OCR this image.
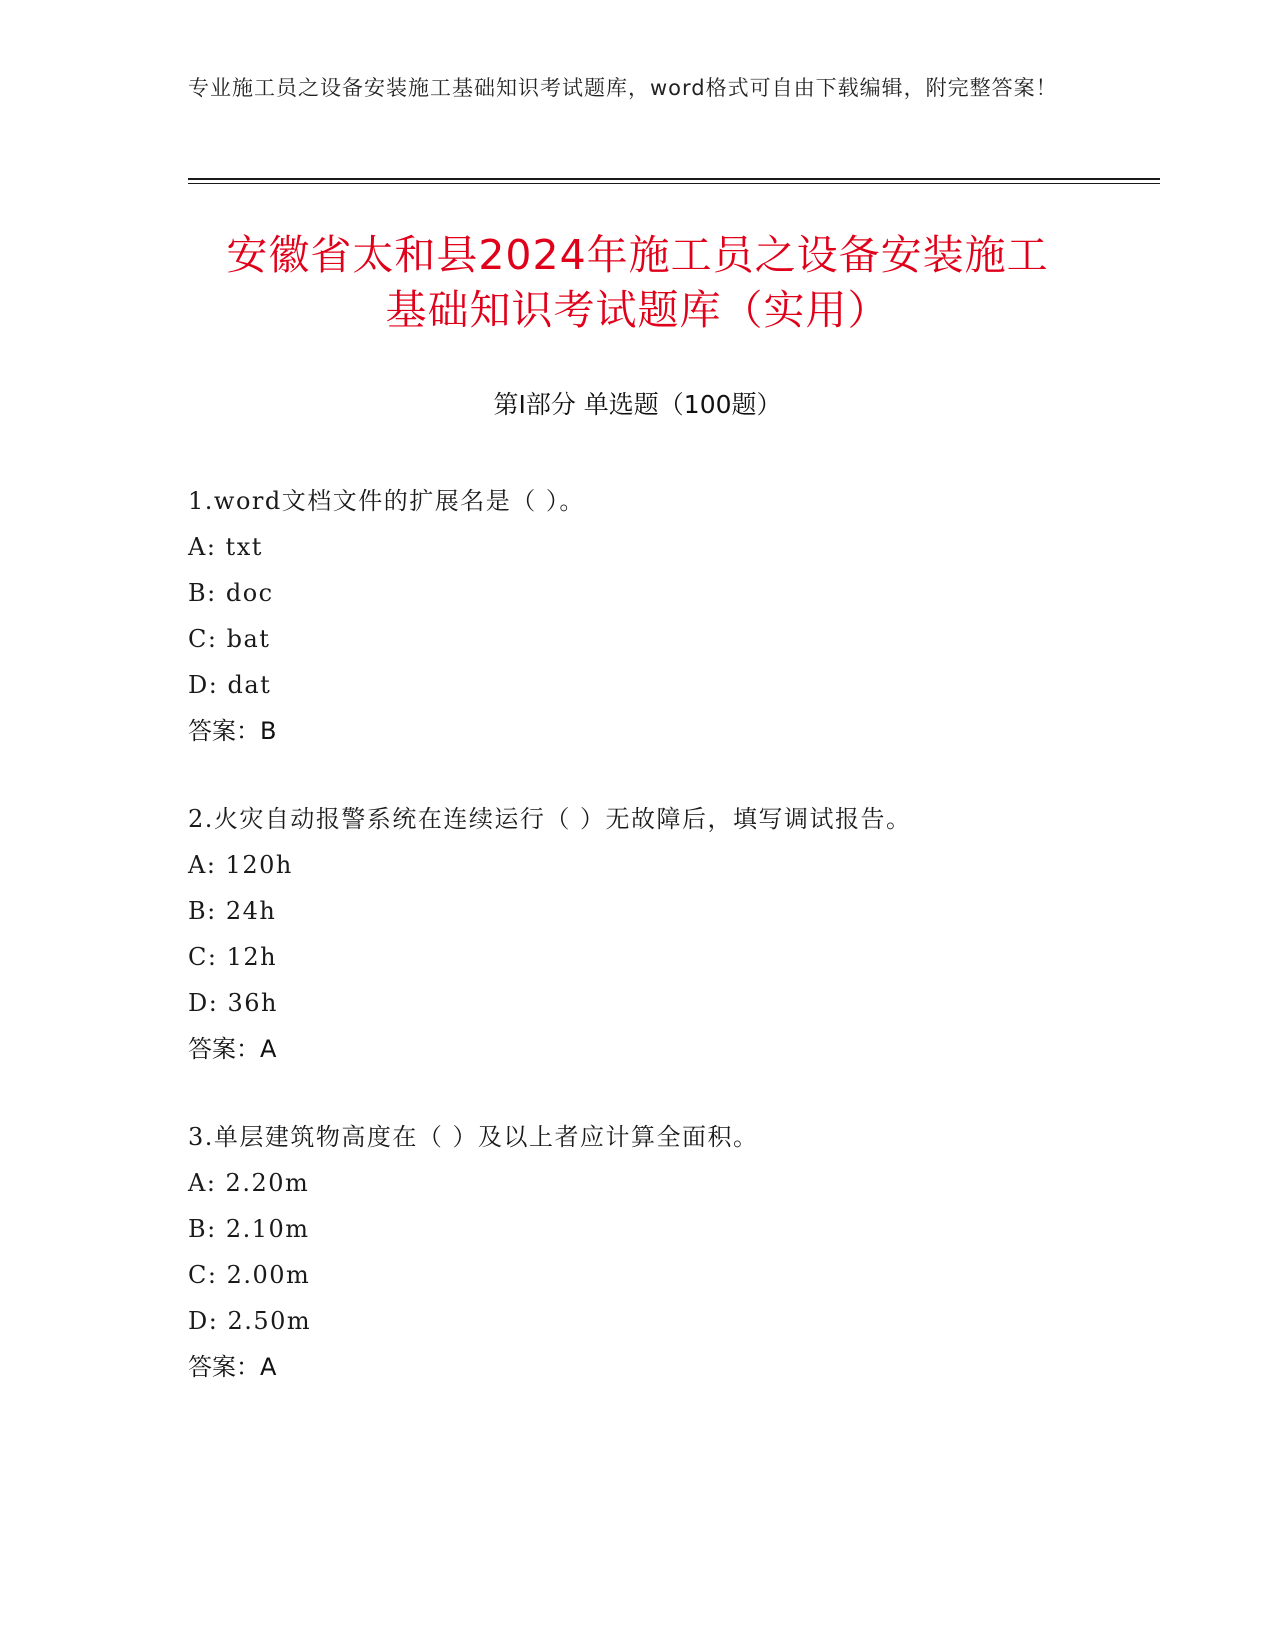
专业施工员之设备安装施工基础知识考试题库，word格式可自由下载编辑，附完整答案！
安徽省太和县2024年施工员之设备安装施工
基础知识考试题库（实用）
第I部分 单选题（100题）
1.word文档文件的扩展名是（ ）。
A: txt
B: doc
C: bat
D: dat
答案：B
2.火灾自动报警系统在连续运行（ ）无故障后，填写调试报告。
A: 120h
B: 24h
C: 12h
D: 36h
答案：A
3.单层建筑物高度在（ ）及以上者应计算全面积。
A: 2.20m
B: 2.10m
C: 2.00m
D: 2.50m
答案：A
